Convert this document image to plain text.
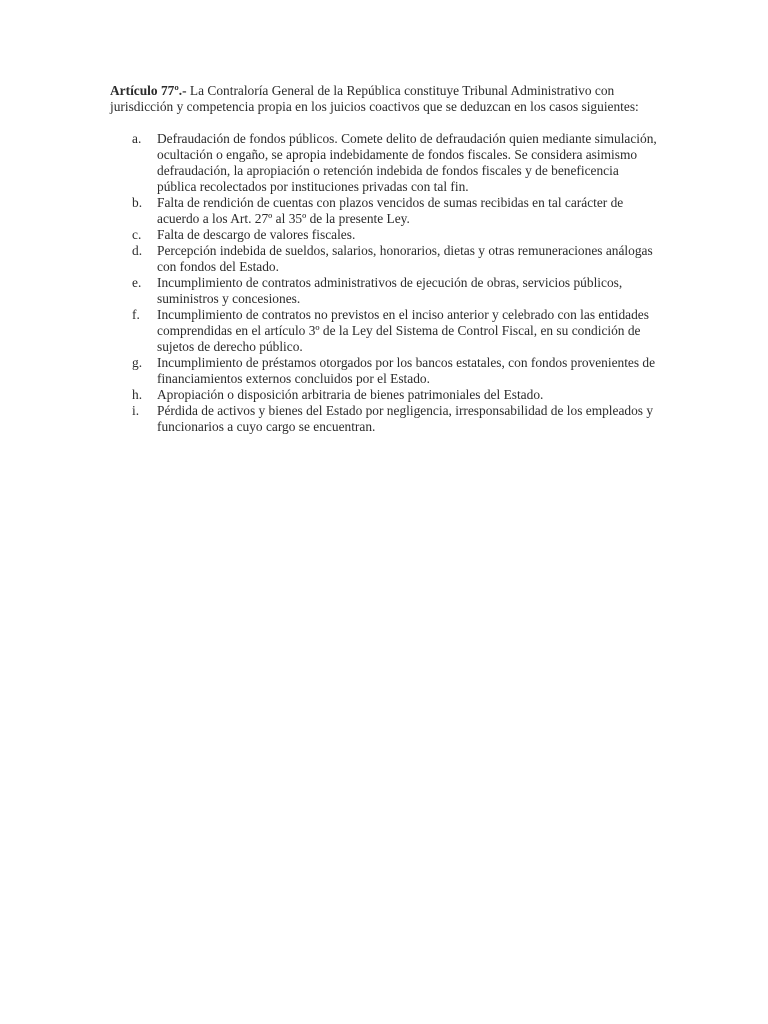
Artículo 77º.- La Contraloría General de la República constituye Tribunal Administrativo con jurisdicción y competencia propia en los juicios coactivos que se deduzcan en los casos siguientes:

a. Defraudación de fondos públicos. Comete delito de defraudación quien mediante simulación, ocultación o engaño, se apropia indebidamente de fondos fiscales. Se considera asimismo defraudación, la apropiación o retención indebida de fondos fiscales y de beneficencia pública recolectados por instituciones privadas con tal fin.
b. Falta de rendición de cuentas con plazos vencidos de sumas recibidas en tal carácter de acuerdo a los Art. 27º al 35º de la presente Ley.
c. Falta de descargo de valores fiscales.
d. Percepción indebida de sueldos, salarios, honorarios, dietas y otras remuneraciones análogas con fondos del Estado.
e. Incumplimiento de contratos administrativos de ejecución de obras, servicios públicos, suministros y concesiones.
f. Incumplimiento de contratos no previstos en el inciso anterior y celebrado con las entidades comprendidas en el artículo 3º de la Ley del Sistema de Control Fiscal, en su condición de sujetos de derecho público.
g. Incumplimiento de préstamos otorgados por los bancos estatales, con fondos provenientes de financiamientos externos concluidos por el Estado.
h. Apropiación o disposición arbitraria de bienes patrimoniales del Estado.
i. Pérdida de activos y bienes del Estado por negligencia, irresponsabilidad de los empleados y funcionarios a cuyo cargo se encuentran.
